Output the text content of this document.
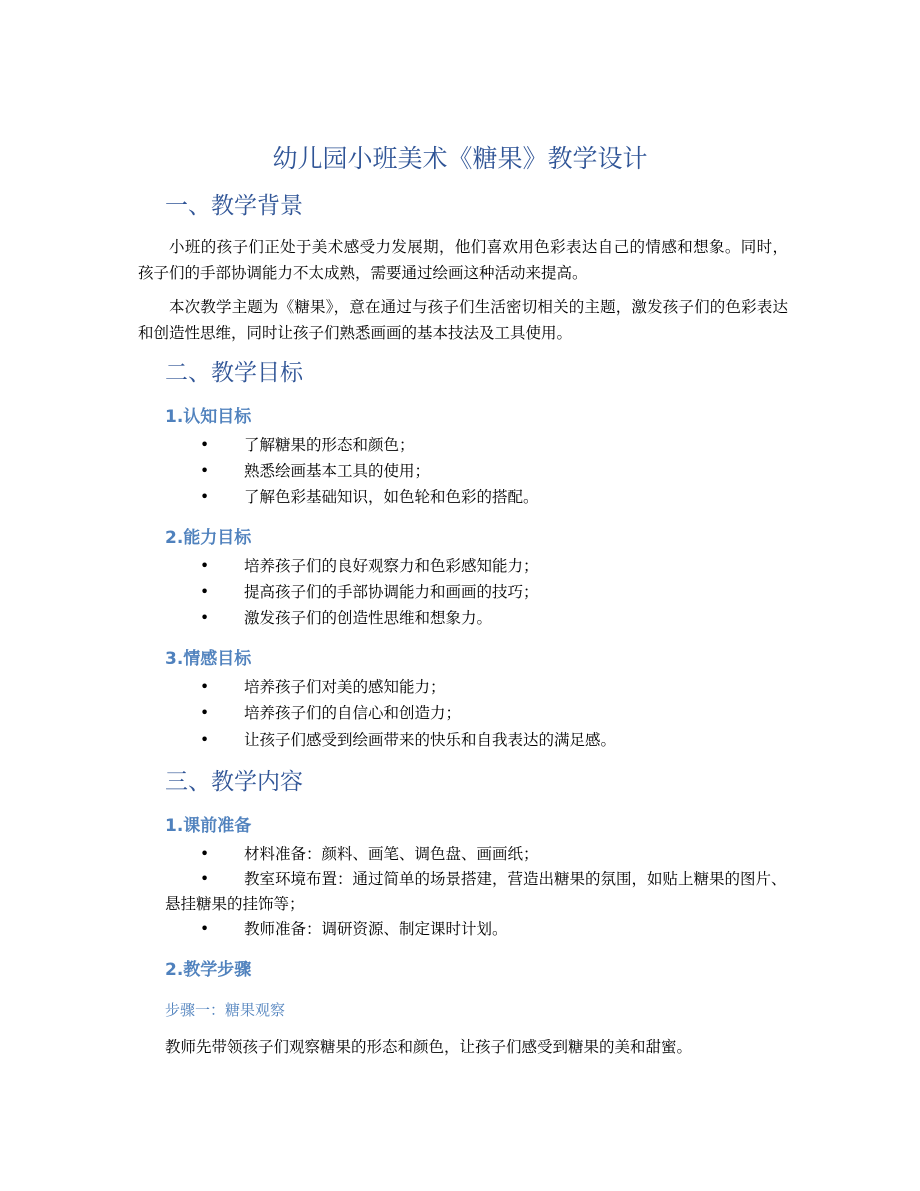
幼儿园小班美术《糖果》教学设计
一、教学背景
小班的孩子们正处于美术感受力发展期，他们喜欢用色彩表达自己的情感和想象。同时，孩子们的手部协调能力不太成熟，需要通过绘画这种活动来提高。
本次教学主题为《糖果》，意在通过与孩子们生活密切相关的主题，激发孩子们的色彩表达和创造性思维，同时让孩子们熟悉画画的基本技法及工具使用。
二、教学目标
1.认知目标
• 了解糖果的形态和颜色；
• 熟悉绘画基本工具的使用；
• 了解色彩基础知识，如色轮和色彩的搭配。
2.能力目标
• 培养孩子们的良好观察力和色彩感知能力；
• 提高孩子们的手部协调能力和画画的技巧；
• 激发孩子们的创造性思维和想象力。
3.情感目标
• 培养孩子们对美的感知能力；
• 培养孩子们的自信心和创造力；
• 让孩子们感受到绘画带来的快乐和自我表达的满足感。
三、教学内容
1.课前准备
• 材料准备：颜料、画笔、调色盘、画画纸；
•	教室环境布置：通过简单的场景搭建，营造出糖果的氛围，如贴上糖果的图片、悬挂糖果的挂饰等；
• 教师准备：调研资源、制定课时计划。
2.教学步骤
步骤一：糖果观察
教师先带领孩子们观察糖果的形态和颜色，让孩子们感受到糖果的美和甜蜜。
